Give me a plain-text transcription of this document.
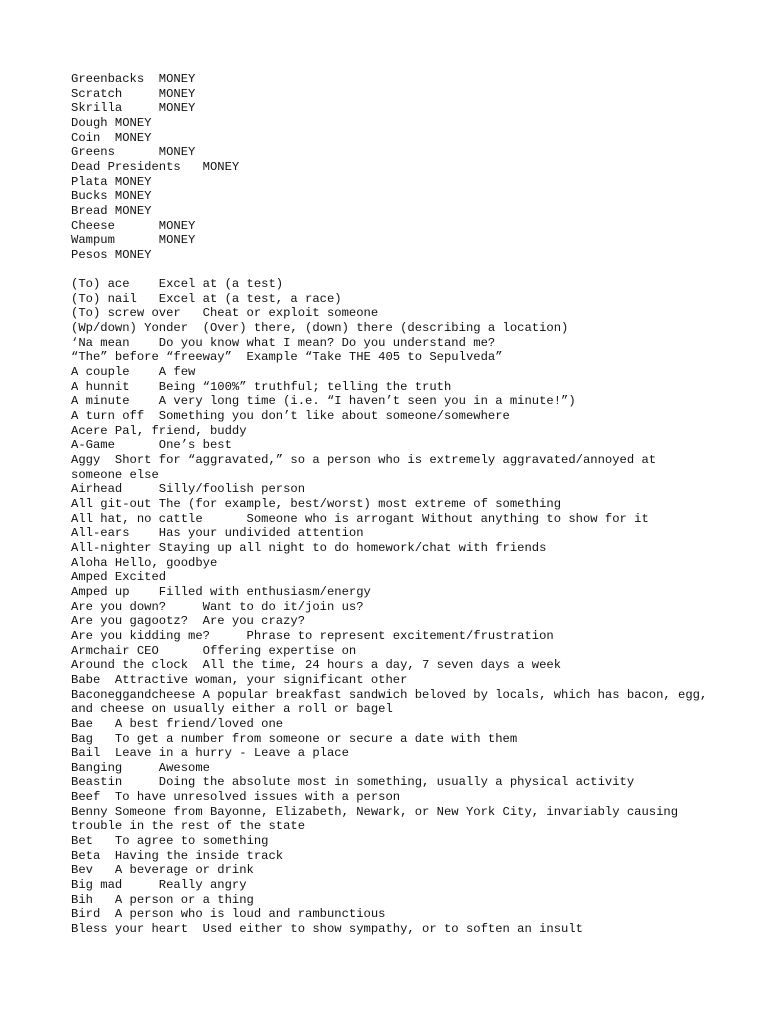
Greenbacks  MONEY
Scratch     MONEY
Skrilla     MONEY
Dough MONEY
Coin  MONEY
Greens      MONEY
Dead Presidents   MONEY
Plata MONEY
Bucks MONEY
Bread MONEY
Cheese      MONEY
Wampum      MONEY
Pesos MONEY
(To) ace    Excel at (a test)
(To) nail   Excel at (a test, a race)
(To) screw over   Cheat or exploit someone
(Wp/down) Yonder  (Over) there, (down) there (describing a location)
‘Na mean    Do you know what I mean? Do you understand me?
“The” before “freeway”  Example “Take THE 405 to Sepulveda”
A couple    A few
A hunnit    Being “100%” truthful; telling the truth
A minute    A very long time (i.e. “I haven’t seen you in a minute!”)
A turn off  Something you don’t like about someone/somewhere
Acere Pal, friend, buddy
A-Game      One’s best
Aggy  Short for “aggravated,” so a person who is extremely aggravated/annoyed at someone else
Airhead     Silly/foolish person
All git-out The (for example, best/worst) most extreme of something
All hat, no cattle      Someone who is arrogant Without anything to show for it
All-ears    Has your undivided attention
All-nighter Staying up all night to do homework/chat with friends
Aloha Hello, goodbye
Amped Excited
Amped up    Filled with enthusiasm/energy
Are you down?     Want to do it/join us?
Are you gagootz?  Are you crazy?
Are you kidding me?     Phrase to represent excitement/frustration
Armchair CEO      Offering expertise on
Around the clock  All the time, 24 hours a day, 7 seven days a week
Babe  Attractive woman, your significant other
Baconeggandcheese A popular breakfast sandwich beloved by locals, which has bacon, egg, and cheese on usually either a roll or bagel
Bae   A best friend/loved one
Bag   To get a number from someone or secure a date with them
Bail  Leave in a hurry - Leave a place
Banging     Awesome
Beastin     Doing the absolute most in something, usually a physical activity
Beef  To have unresolved issues with a person
Benny Someone from Bayonne, Elizabeth, Newark, or New York City, invariably causing trouble in the rest of the state
Bet   To agree to something
Beta  Having the inside track
Bev   A beverage or drink
Big mad     Really angry
Bih   A person or a thing
Bird  A person who is loud and rambunctious
Bless your heart  Used either to show sympathy, or to soften an insult
